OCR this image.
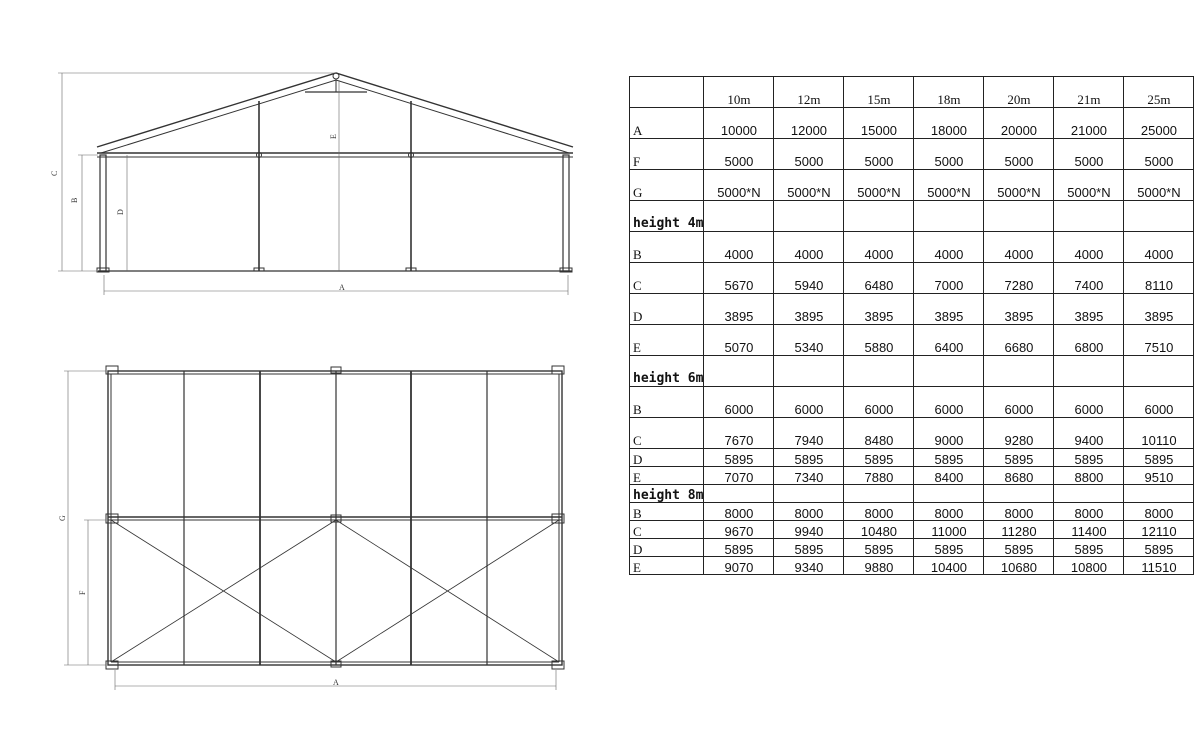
C
B
D
E
A
G
F
A
	10m	12m	15m	18m	20m	21m	25m
A	10000	12000	15000	18000	20000	21000	25000
F	5000	5000	5000	5000	5000	5000	5000
G	5000*N	5000*N	5000*N	5000*N	5000*N	5000*N	5000*N
height 4m							
B	4000	4000	4000	4000	4000	4000	4000
C	5670	5940	6480	7000	7280	7400	8110
D	3895	3895	3895	3895	3895	3895	3895
E	5070	5340	5880	6400	6680	6800	7510
height 6m							
B	6000	6000	6000	6000	6000	6000	6000
C	7670	7940	8480	9000	9280	9400	10110
D	5895	5895	5895	5895	5895	5895	5895
E	7070	7340	7880	8400	8680	8800	9510
height 8m							
B	8000	8000	8000	8000	8000	8000	8000
C	9670	9940	10480	11000	11280	11400	12110
D	5895	5895	5895	5895	5895	5895	5895
E	9070	9340	9880	10400	10680	10800	11510
